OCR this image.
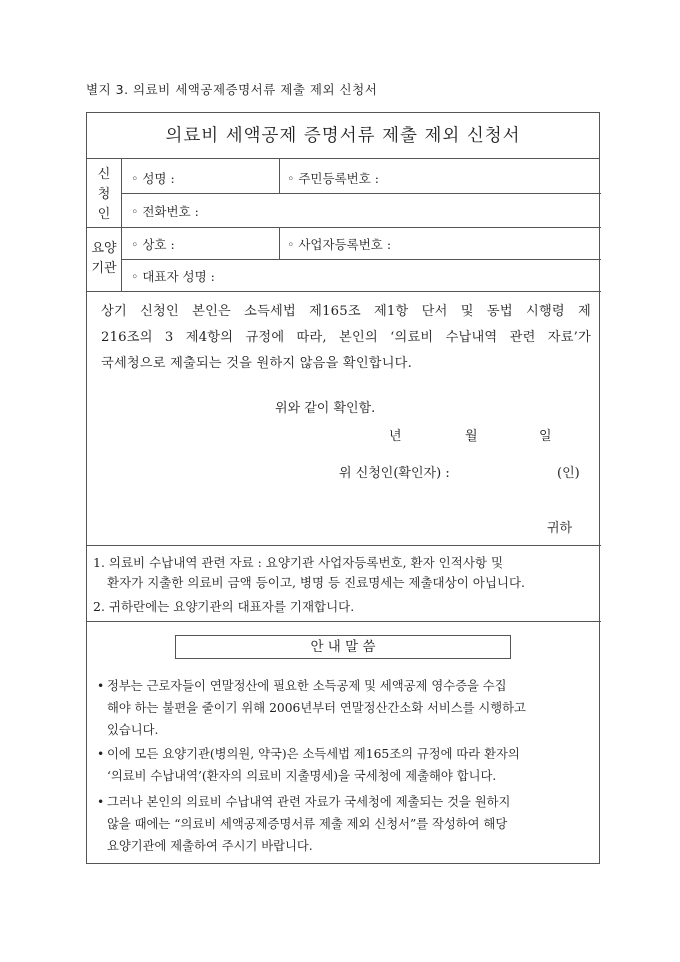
별지 3. 의료비 세액공제증명서류 제출 제외 신청서
의료비 세액공제 증명서류 제출 제외 신청서
신
청
인
◦ 성명 :	◦ 주민등록번호 :
◦ 전화번호 :
요양
기관
◦ 상호 :	◦ 사업자등록번호 :
◦ 대표자 성명 :
상기 신청인 본인은 소득세법 제165조 제1항 단서 및 동법 시행령 제
216조의 3 제4항의 규정에 따라, 본인의 ‘의료비 수납내역 관련 자료’가
국세청으로 제출되는 것을 원하지 않음을 확인합니다.
위와 같이 확인함.
년	월	일
위 신청인(확인자) :	(인)
귀하
1. 의료비 수납내역 관련 자료 : 요양기관 사업자등록번호, 환자 인적사항 및
환자가 지출한 의료비 금액 등이고, 병명 등 진료명세는 제출대상이 아닙니다.
2. 귀하란에는 요양기관의 대표자를 기재합니다.
안 내 말 씀
• 정부는 근로자들이 연말정산에 필요한 소득공제 및 세액공제 영수증을 수집
해야 하는 불편을 줄이기 위해 2006년부터 연말정산간소화 서비스를 시행하고
있습니다.
• 이에 모든 요양기관(병의원, 약국)은 소득세법 제165조의 규정에 따라 환자의
‘의료비 수납내역’(환자의 의료비 지출명세)을 국세청에 제출해야 합니다.
• 그러나 본인의 의료비 수납내역 관련 자료가 국세청에 제출되는 것을 원하지
않을 때에는 “의료비 세액공제증명서류 제출 제외 신청서”를 작성하여 해당
요양기관에 제출하여 주시기 바랍니다.
